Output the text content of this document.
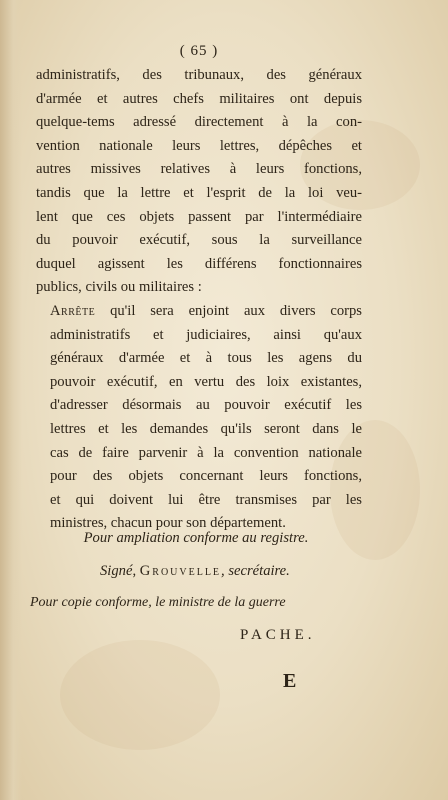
( 65 )
administratifs, des tribunaux, des généraux
d'armée et autres chefs militaires ont depuis
quelque-tems adressé directement à la con-
vention nationale leurs lettres, dépêches et
autres missives relatives à leurs fonctions,
tandis que la lettre et l'esprit de la loi veu-
lent que ces objets passent par l'intermédiaire
du pouvoir exécutif, sous la surveillance
duquel agissent les différens fonctionnaires
publics, civils ou militaires :
Arrête qu'il sera enjoint aux divers corps
administratifs et judiciaires, ainsi qu'aux
généraux d'armée et à tous les agens du
pouvoir exécutif, en vertu des loix existantes,
d'adresser désormais au pouvoir exécutif les
lettres et les demandes qu'ils seront dans le
cas de faire parvenir à la convention nationale
pour des objets concernant leurs fonctions,
et qui doivent lui être transmises par les
ministres, chacun pour son département.
Pour ampliation conforme au registre.
Signé, Grouvelle, secrétaire.
Pour copie conforme, le ministre de la guerre
PACHE.
E
